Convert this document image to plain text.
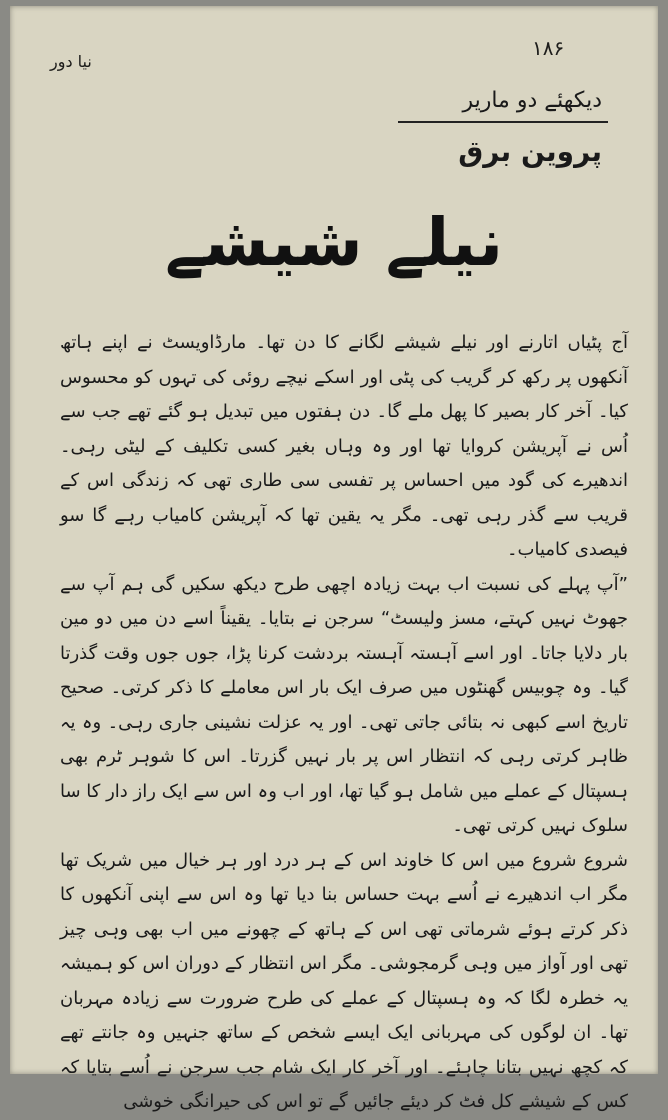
۱۸۶
نیا دور
دیکھئے دو ماریر
پروین برق
نیلے شیشے

آج پٹیاں اتارنے اور نیلے شیشے لگانے کا دن تھا۔ مارڈاویسٹ نے اپنے ہاتھ آنکھوں پر رکھ کر گریب کی پٹی اور اسکے نیچے روئی کی تہوں کو محسوس کیا۔ آخر کار بصیر کا پھل ملے گا۔ دن ہفتوں میں تبدیل ہو گئے تھے جب سے اُس نے آپریشن کروایا تھا اور وہ وہاں بغیر کسی تکلیف کے لیٹی رہی۔ اندھیرے کی گود میں احساس پر تفسی سی طاری تھی کہ زندگی اس کے قریب سے گذر رہی تھی۔ مگر یہ یقین تھا کہ آپریشن کامیاب رہے گا سو فیصدی کامیاب۔

”آپ پہلے کی نسبت اب بہت زیادہ اچھی طرح دیکھ سکیں گی ہم آپ سے جھوٹ نہیں کہتے، مسز ولیسٹ“ سرجن نے بتایا۔ یقیناً اسے دن میں دو مین بار دلایا جاتا۔ اور اسے آہستہ آہستہ بردشت کرنا پڑا، جوں جوں وقت گذرتا گیا۔ وہ چوبیس گھنٹوں میں صرف ایک بار اس معاملے کا ذکر کرتی۔ صحیح تاریخ اسے کبھی نہ بتائی جاتی تھی۔ اور یہ عزلت نشینی جاری رہی۔ وہ یہ ظاہر کرتی رہی کہ انتظار اس پر بار نہیں گزرتا۔ اس کا شوہر ٹرم بھی ہسپتال کے عملے میں شامل ہو گیا تھا، اور اب وہ اس سے ایک راز دار کا سا سلوک نہیں کرتی تھی۔

شروع شروع میں اس کا خاوند اس کے ہر درد اور ہر خیال میں شریک تھا مگر اب اندھیرے نے اُسے بہت حساس بنا دیا تھا وہ اس سے اپنی آنکھوں کا ذکر کرتے ہوئے شرماتی تھی اس کے ہاتھ کے چھونے میں اب بھی وہی چیز تھی اور آواز میں وہی گرمجوشی۔ مگر اس انتظار کے دوران اس کو ہمیشہ یہ خطرہ لگا کہ وہ ہسپتال کے عملے کی طرح ضرورت سے زیادہ مہربان تھا۔ ان لوگوں کی مہربانی ایک ایسے شخص کے ساتھ جنہیں وہ جانتے تھے کہ کچھ نہیں بتانا چاہئے۔ اور آخر کار ایک شام جب سرجن نے اُسے بتایا کہ کس کے شیشے کل فٹ کر دیئے جائیں گے تو اس کی حیرانگی خوشی
